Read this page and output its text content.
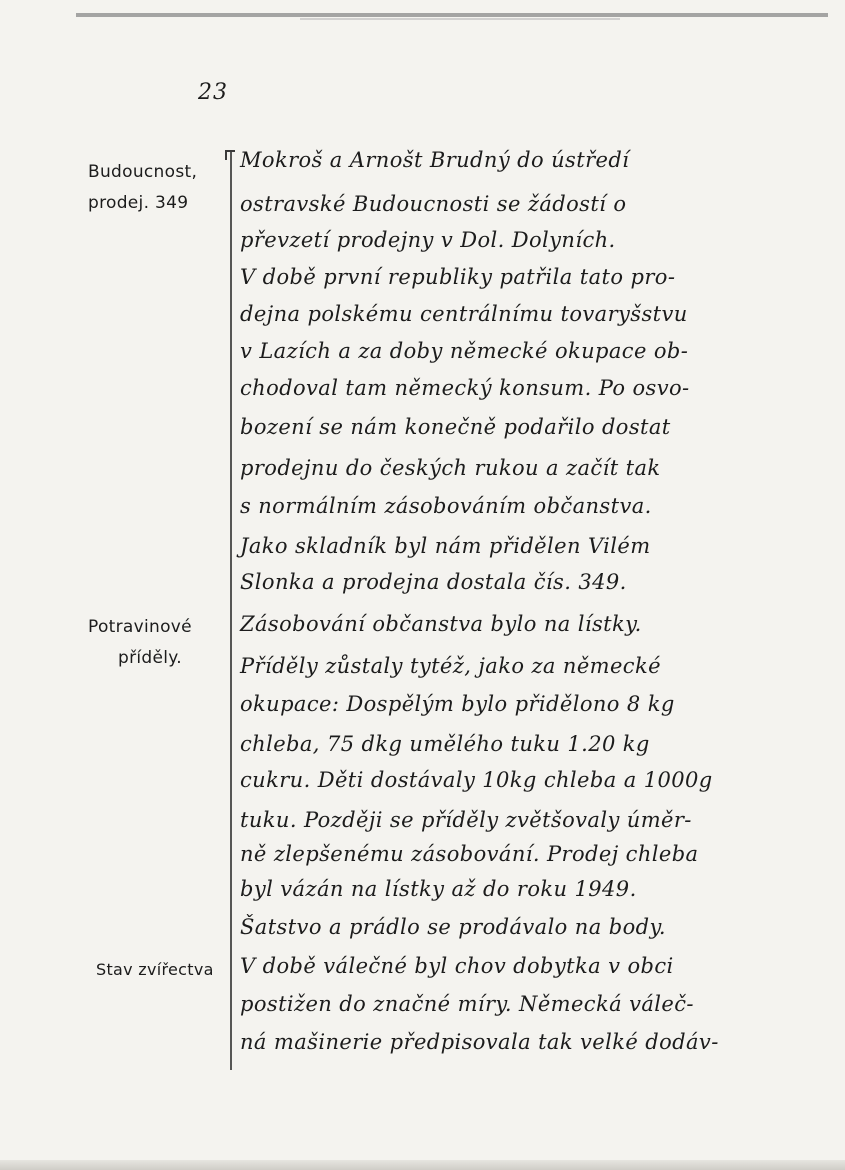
23
Budoucnost,
prodej. 349
Potravinové
příděly.
Stav zvířectva
Mokroš a Arnošt Brudný do ústředí
ostravské Budoucnosti se žádostí o
převzetí prodejny v Dol. Dolyních.
V době první republiky patřila tato pro-
dejna polskému centrálnímu tovaryšstvu
v Lazích a za doby německé okupace ob-
chodoval tam německý konsum. Po osvo-
bození se nám konečně podařilo dostat
prodejnu do českých rukou a začít tak
s normálním zásobováním občanstva.
Jako skladník byl nám přidělen Vilém
Slonka a prodejna dostala čís. 349.
Zásobování občanstva bylo na lístky.
Příděly zůstaly tytéž, jako za německé
okupace: Dospělým bylo přidělono 8 kg
chleba, 75 dkg umělého tuku 1.20 kg
cukru. Děti dostávaly 10kg chleba a 1000g
tuku. Později se příděly zvětšovaly úměr-
ně zlepšenému zásobování. Prodej chleba
byl vázán na lístky až do roku 1949.
Šatstvo a prádlo se prodávalo na body.
V době válečné byl chov dobytka v obci
postižen do značné míry. Německá váleč-
ná mašinerie předpisovala tak velké dodáv-
